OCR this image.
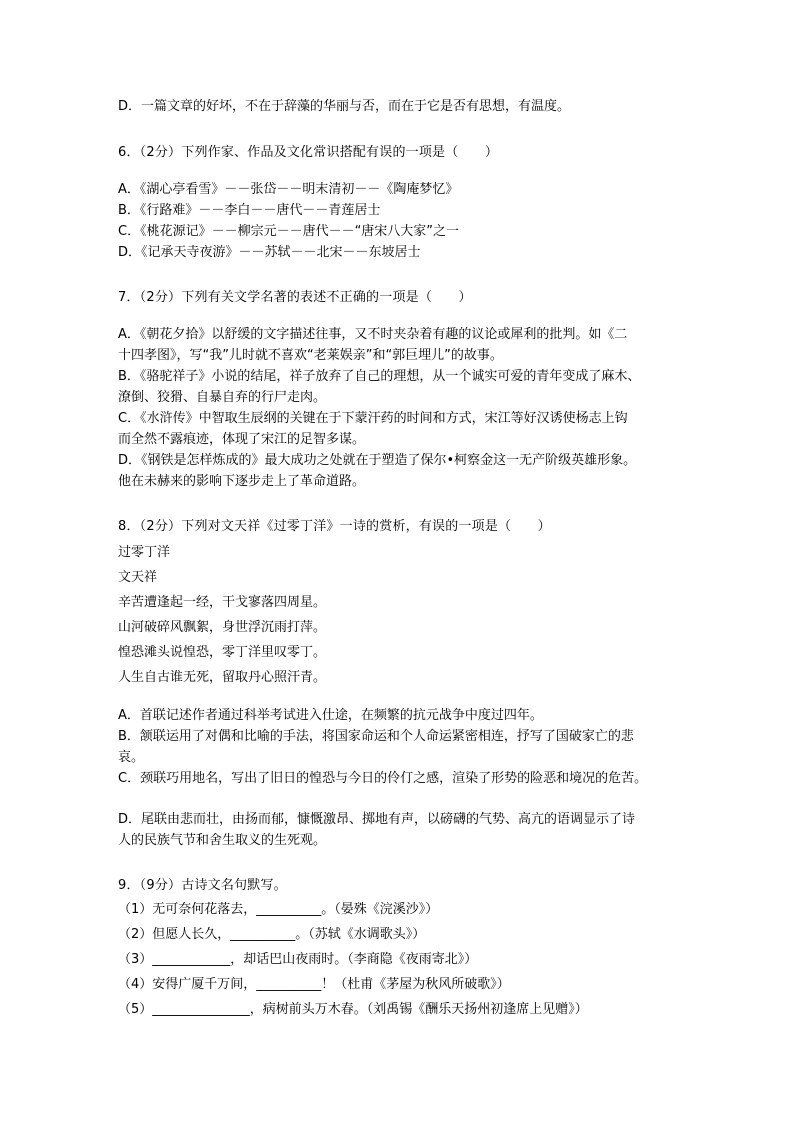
D．一篇文章的好坏，不在于辞藻的华丽与否，而在于它是否有思想，有温度。
6．（2分）下列作家、作品及文化常识搭配有误的一项是（　　）
A．《湖心亭看雪》－－张岱－－明末清初－－《陶庵梦忆》
B．《行路难》－－李白－－唐代－－青莲居士
C．《桃花源记》－－柳宗元－－唐代－－“唐宋八大家”之一
D．《记承天寺夜游》－－苏轼－－北宋－－东坡居士
7．（2分）下列有关文学名著的表述不正确的一项是（　　）
A．《朝花夕拾》以舒缓的文字描述往事，又不时夹杂着有趣的议论或犀利的批判。如《二
十四孝图》，写“我”儿时就不喜欢“老莱娱亲”和“郭巨埋儿”的故事。
B．《骆驼祥子》小说的结尾，祥子放弃了自己的理想，从一个诚实可爱的青年变成了麻木、
潦倒、狡猾、自暴自弃的行尸走肉。
C．《水浒传》中智取生辰纲的关键在于下蒙汗药的时间和方式，宋江等好汉诱使杨志上钩
而全然不露痕迹，体现了宋江的足智多谋。
D．《钢铁是怎样炼成的》最大成功之处就在于塑造了保尔•柯察金这一无产阶级英雄形象。
他在未赫来的影响下逐步走上了革命道路。
8．（2分）下列对文天祥《过零丁洋》一诗的赏析，有误的一项是（　　）
过零丁洋
文天祥
辛苦遭逢起一经，干戈寥落四周星。
山河破碎风飘絮，身世浮沉雨打萍。
惶恐滩头说惶恐，零丁洋里叹零丁。
人生自古谁无死，留取丹心照汗青。
A．首联记述作者通过科举考试进入仕途，在频繁的抗元战争中度过四年。
B．颔联运用了对偶和比喻的手法，将国家命运和个人命运紧密相连，抒写了国破家亡的悲
哀。
C．颈联巧用地名，写出了旧日的惶恐与今日的伶仃之感，渲染了形势的险恶和境况的危苦。
D．尾联由悲而壮，由扬而郁，慷慨激昂、掷地有声，以磅礴的气势、高亢的语调显示了诗
人的民族气节和舍生取义的生死观。
9．（9分）古诗文名句默写。
（1）无可奈何花落去，__________。（晏殊《浣溪沙》）
（2）但愿人长久，__________。（苏轼《水调歌头》）
（3）____________，却话巴山夜雨时。（李商隐《夜雨寄北》）
（4）安得广厦千万间，__________！（杜甫《茅屋为秋风所破歌》）
（5）_______________，病树前头万木春。（刘禹锡《酬乐天扬州初逢席上见赠》）
